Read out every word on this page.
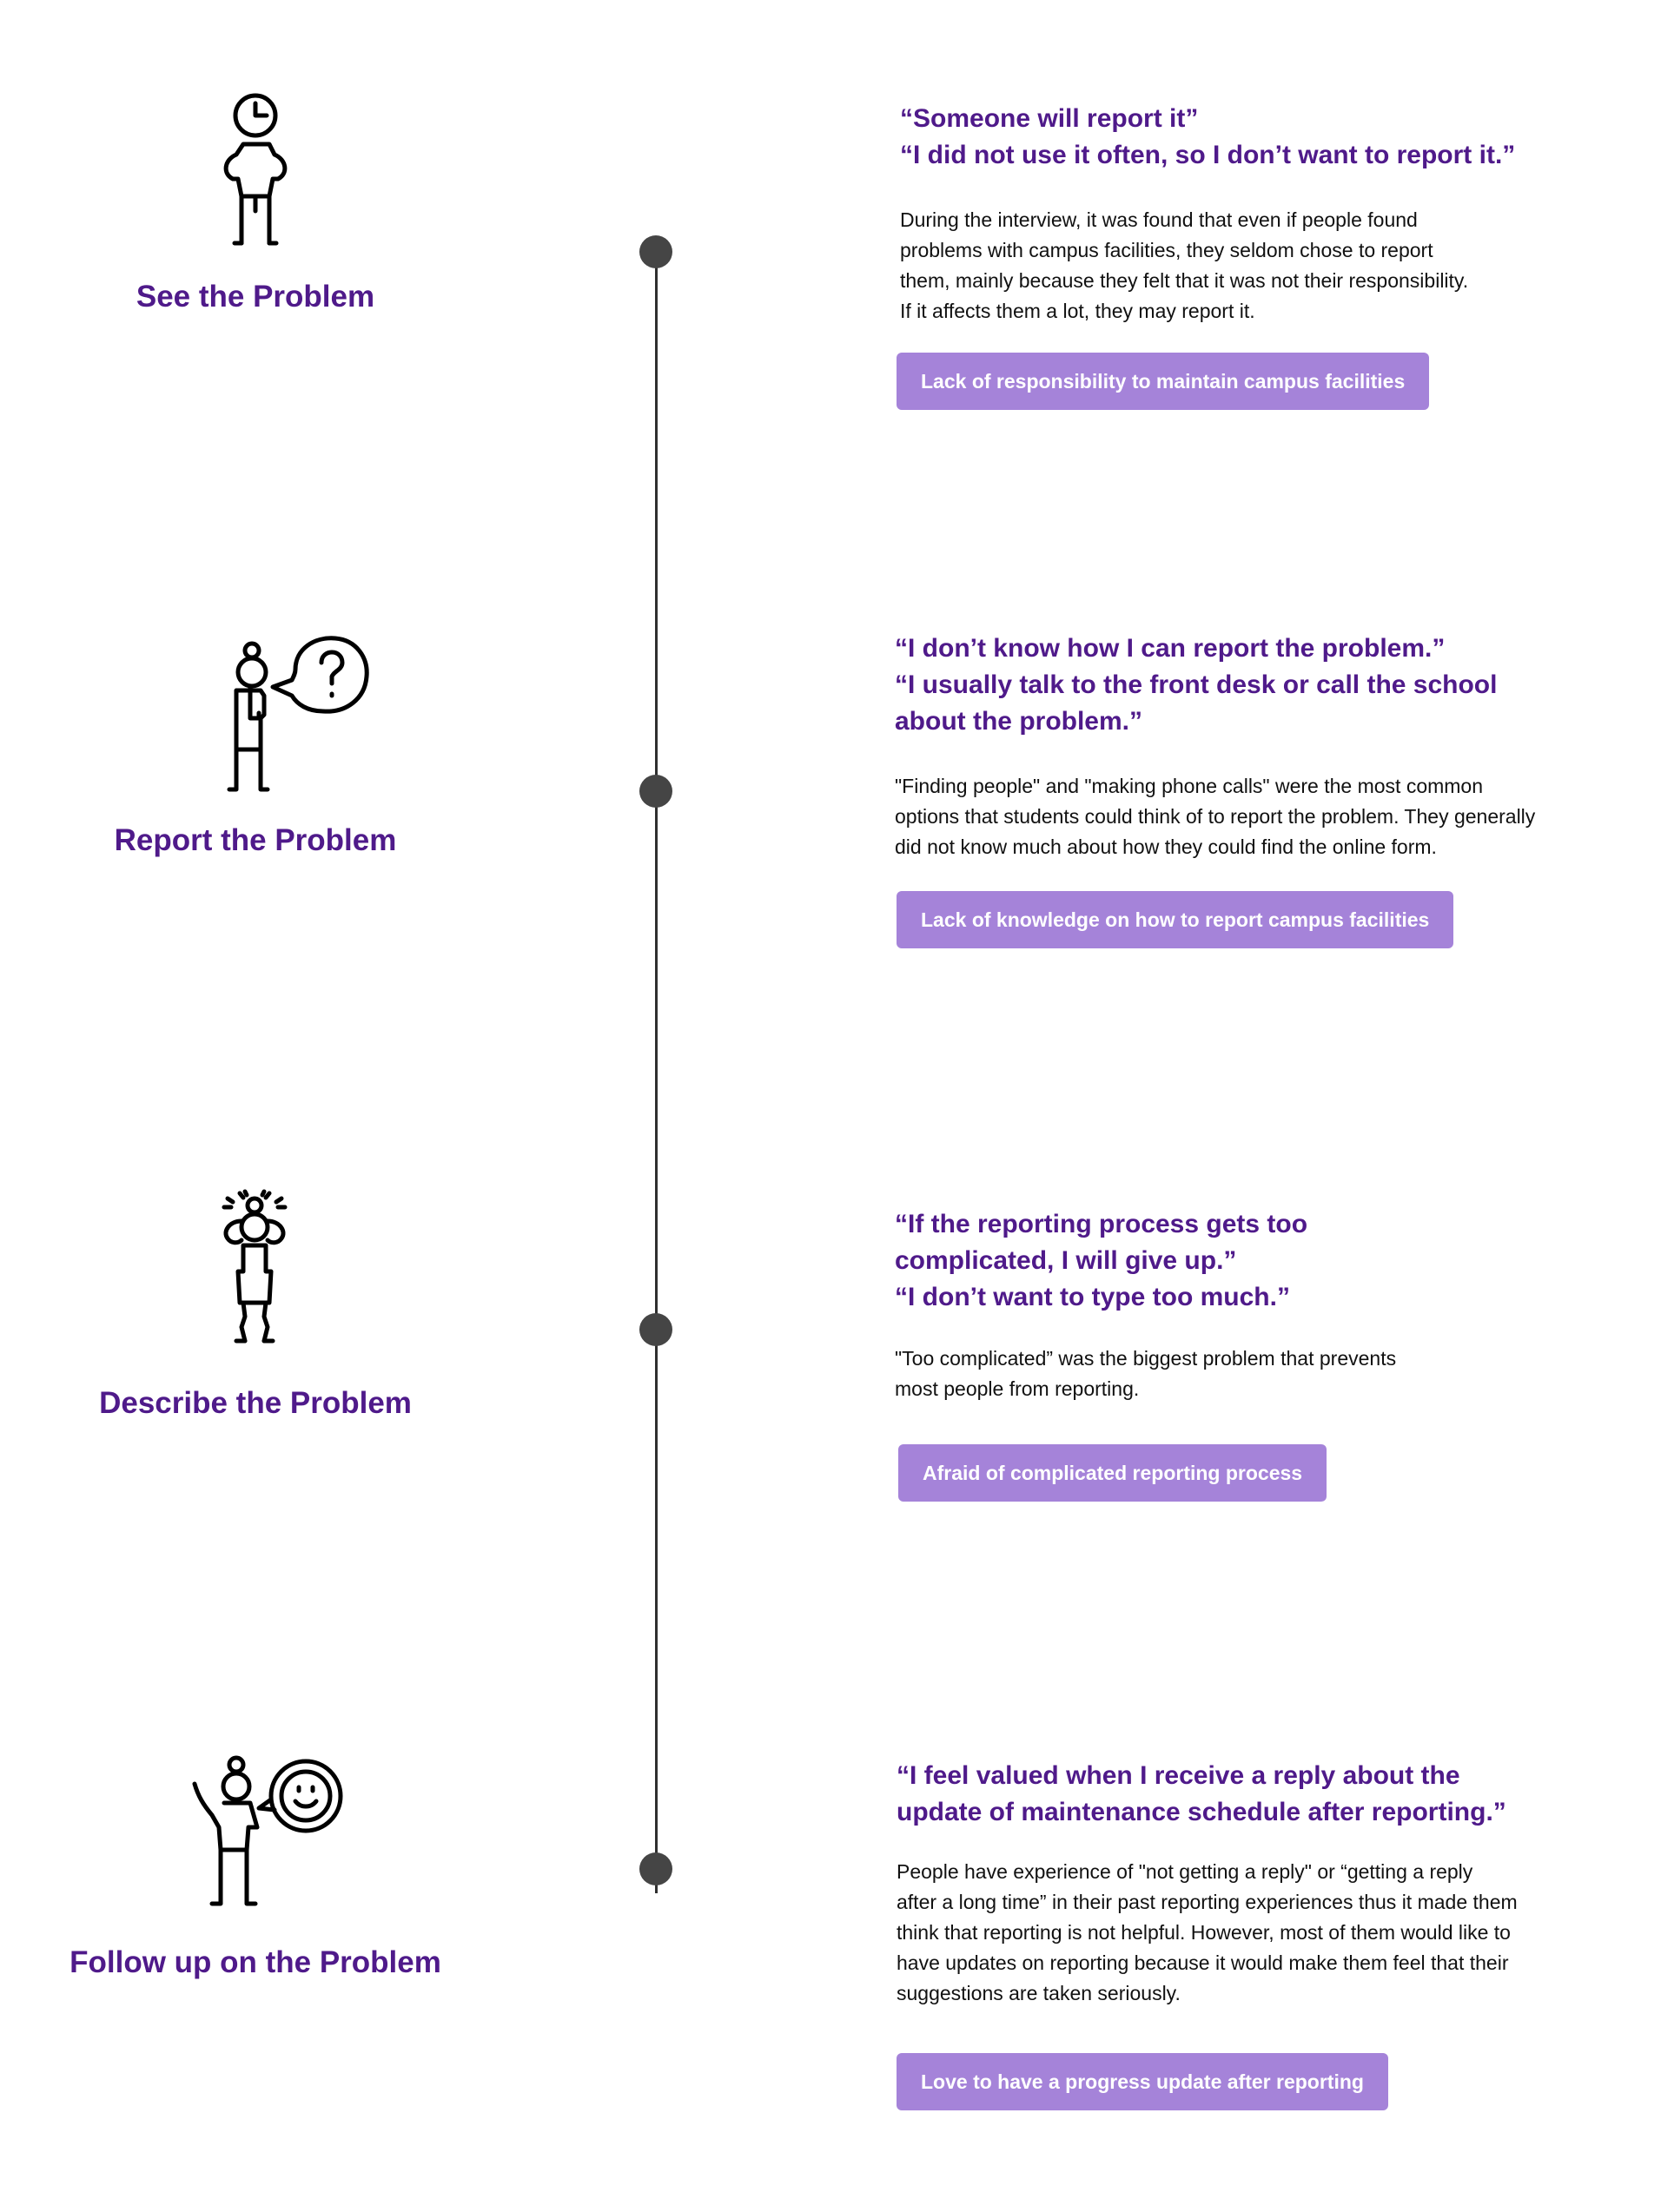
See the Problem
“Someone will report it”
“I did not use it often, so I don’t want to report it.”
During the interview, it was found that even if people found
problems with campus facilities, they seldom chose to report
them, mainly because they felt that it was not their responsibility.
If it affects them a lot, they may report it.
Lack of responsibility to maintain campus facilities
Report the Problem
“I don’t know how I can report the problem.”
“I usually talk to the front desk or call the school
about the problem.”
"Finding people" and "making phone calls" were the most common
options that students could think of to report the problem. They generally
did not know much about how they could find the online form.
Lack of knowledge on how to report campus facilities
Describe the Problem
“If the reporting process gets too
complicated, I will give up.”
“I don’t want to type too much.”
"Too complicated” was the biggest problem that prevents
most people from reporting.
Afraid of complicated reporting process
Follow up on the Problem
“I feel valued when I receive a reply about the
update of maintenance schedule after reporting.”
People have experience of "not getting a reply" or “getting a reply
after a long time” in their past reporting experiences thus it made them
think that reporting is not helpful. However, most of them would like to
have updates on reporting because it would make them feel that their
suggestions are taken seriously.
Love to have a progress update after reporting
